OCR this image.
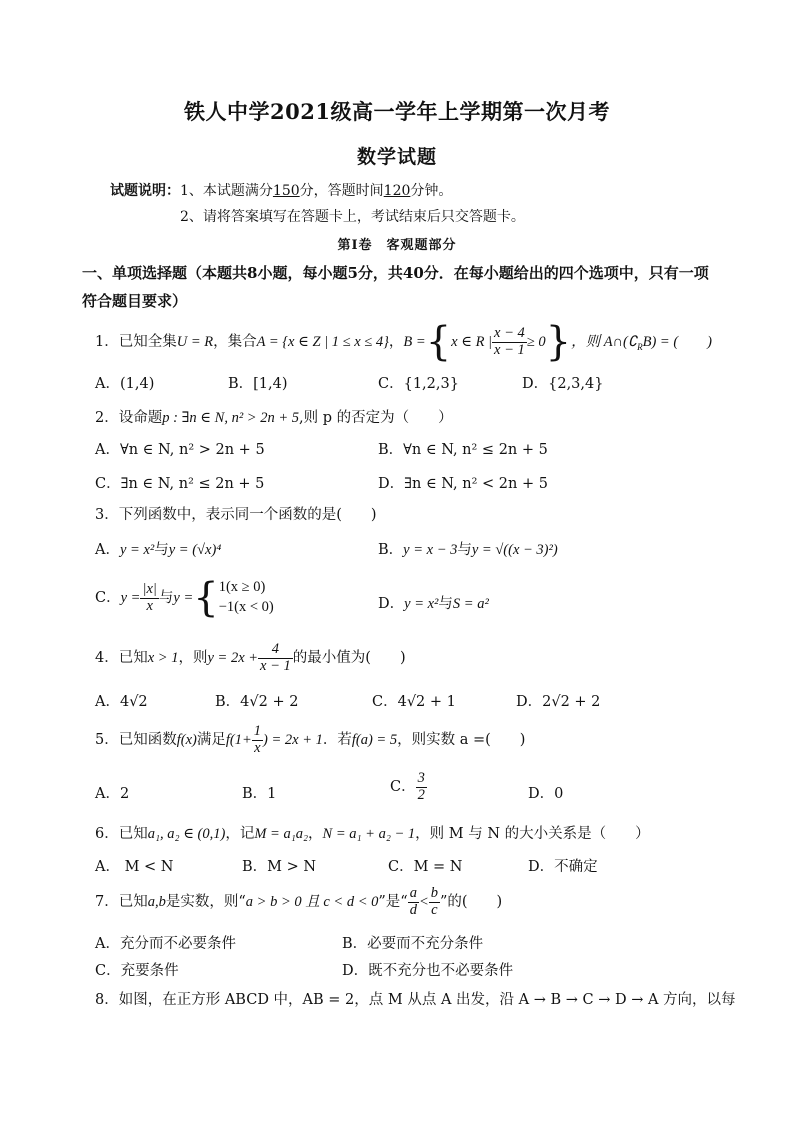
铁人中学2021级高一学年上学期第一次月考
数学试题
试题说明：1、本试题满分150分，答题时间120分钟。
2、请将答案填写在答题卡上，考试结束后只交答题卡。
第Ⅰ卷　客观题部分
一、单项选择题（本题共8小题，每小题5分，共40分．在每小题给出的四个选项中，只有一项
符合题目要求）
1．已知全集U = R，集合A = {x ∈ Z | 1 ≤ x ≤ 4}，B ={x ∈ R | $\frac{x - 4}{x - 1} \ge 0$}，则 $A\cap(∁_RB)$ = (　　)
A．(1,4)	B．[1,4)	C．{1,2,3}	D．{2,3,4}
2．设命题p : ∃n ∈ N, n² > 2n + 5,则 p 的否定为（　　）
A．∀n ∈ N, n² > 2n + 5	B．∀n ∈ N, n² ≤ 2n + 5
C．∃n ∈ N, n² ≤ 2n + 5	D．∃n ∈ N, n² < 2n + 5
3．下列函数中，表示同一个函数的是(　　)
A．y = x²与y = (√x)⁴	B．y = x − 3与y = √((x − 3)²)
C．$y = \frac{|x|}{x}$ 与y ={ 1(x ≥ 0)
−1(x < 0)	D．y = x²与S = a²
4．已知x > 1，则$y = 2x + \frac{4}{x - 1}$ 的最小值为(　　)
A．4√2	B．4√2 + 2	C．4√2 + 1	D．2√2 + 2
5．已知函数f(x)满足$f(1+ \frac{1}{x}$ ) = 2x + 1．若f(a) = 5，则实数 a =(　　)
A．2	B．1	C． $\frac{3}{2}$	D．0
6．已知a₁, a₂ ∈ (0,1)，记M = a₁a₂，N = a₁ + a₂ − 1，则 M 与 N 的大小关系是（　　）
A． M < N	B．M > N	C．M = N	D．不确定
7．已知a,b是实数，则“a > b > 0 且 c < d < 0”是“ $\frac{a}{d} < \frac{b}{c}$ ”的(　　)
A．充分而不必要条件	B．必要而不充分条件
C．充要条件	D．既不充分也不必要条件
8．如图，在正方形 ABCD 中，AB = 2，点 M 从点 A 出发，沿 A → B → C → D → A 方向，以每
